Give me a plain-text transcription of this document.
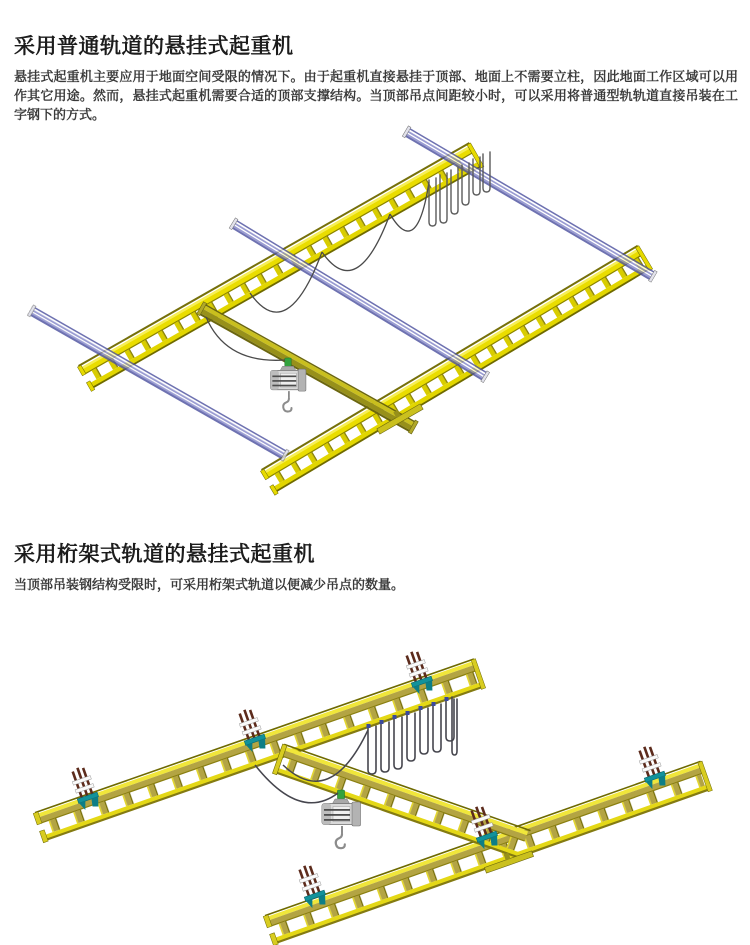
采用普通轨道的悬挂式起重机

悬挂式起重机主要应用于地面空间受限的情况下。由于起重机直接悬挂于顶部、地面上不需要立柱，因此地面工作区域可以用作其它用途。然而，悬挂式起重机需要合适的顶部支撑结构。当顶部吊点间距较小时，可以采用将普通型轨轨道直接吊装在工字钢下的方式。

采用桁架式轨道的悬挂式起重机

当顶部吊装钢结构受限时，可采用桁架式轨道以便减少吊点的数量。
